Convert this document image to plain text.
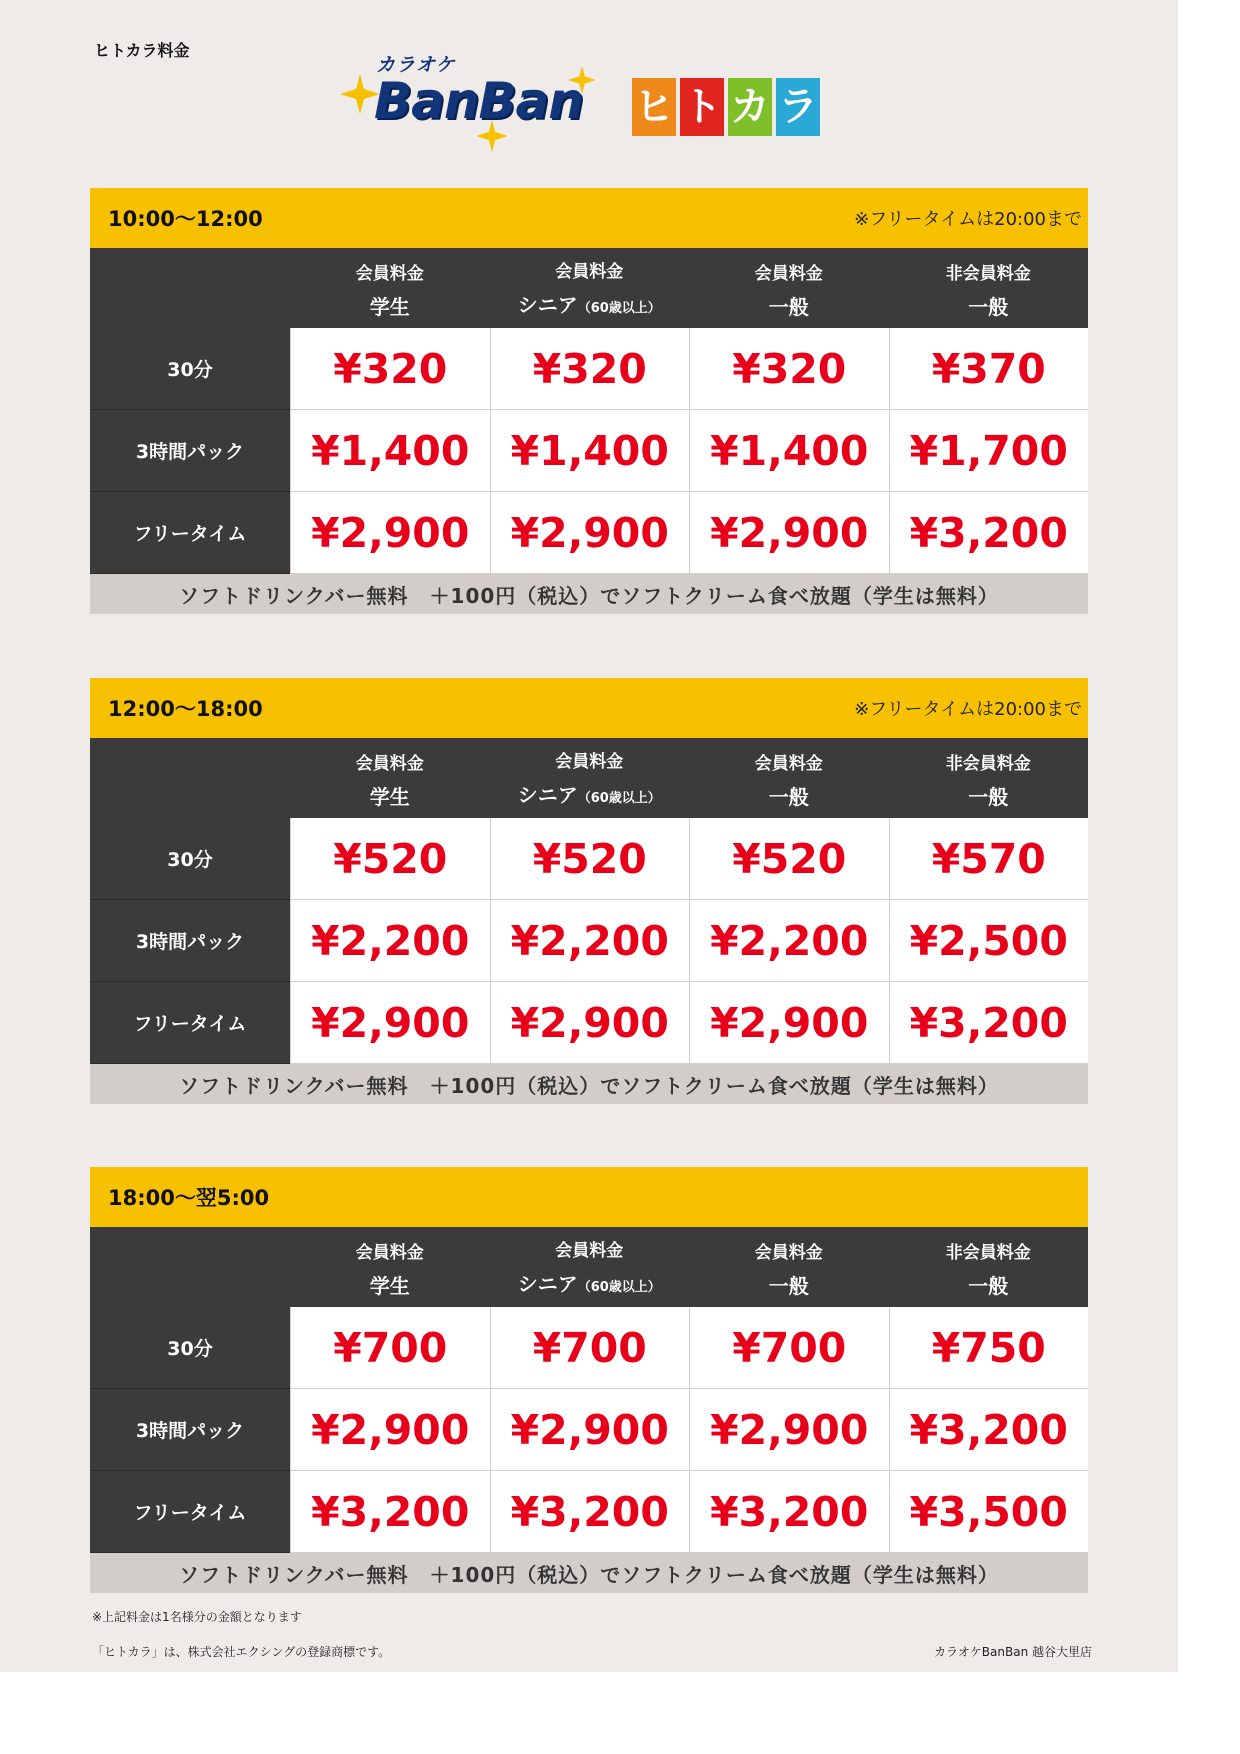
ヒトカラ料金
カラオケ
BanBan ヒ ト カ ラ
10:00～12:00	※フリータイムは20:00まで
会員料金
学生
会員料金
シニア（60歳以上）
会員料金
一般
非会員料金
一般
30分	¥320	¥320	¥320	¥370
3時間パック	¥1,400	¥1,400	¥1,400	¥1,700
フリータイム	¥2,900	¥2,900	¥2,900	¥3,200
ソフトドリンクバー無料　＋100円（税込）でソフトクリーム食べ放題（学生は無料）
12:00～18:00	※フリータイムは20:00まで
会員料金
学生
会員料金
シニア（60歳以上）
会員料金
一般
非会員料金
一般
30分	¥520	¥520	¥520	¥570
3時間パック	¥2,200	¥2,200	¥2,200	¥2,500
フリータイム	¥2,900	¥2,900	¥2,900	¥3,200
ソフトドリンクバー無料　＋100円（税込）でソフトクリーム食べ放題（学生は無料）
18:00～翌5:00
会員料金
学生
会員料金
シニア（60歳以上）
会員料金
一般
非会員料金
一般
30分	¥700	¥700	¥700	¥750
3時間パック	¥2,900	¥2,900	¥2,900	¥3,200
フリータイム	¥3,200	¥3,200	¥3,200	¥3,500
ソフトドリンクバー無料　＋100円（税込）でソフトクリーム食べ放題（学生は無料）
※上記料金は1名様分の金額となります
「ヒトカラ」は、株式会社エクシングの登録商標です。	カラオケBanBan 越谷大里店
